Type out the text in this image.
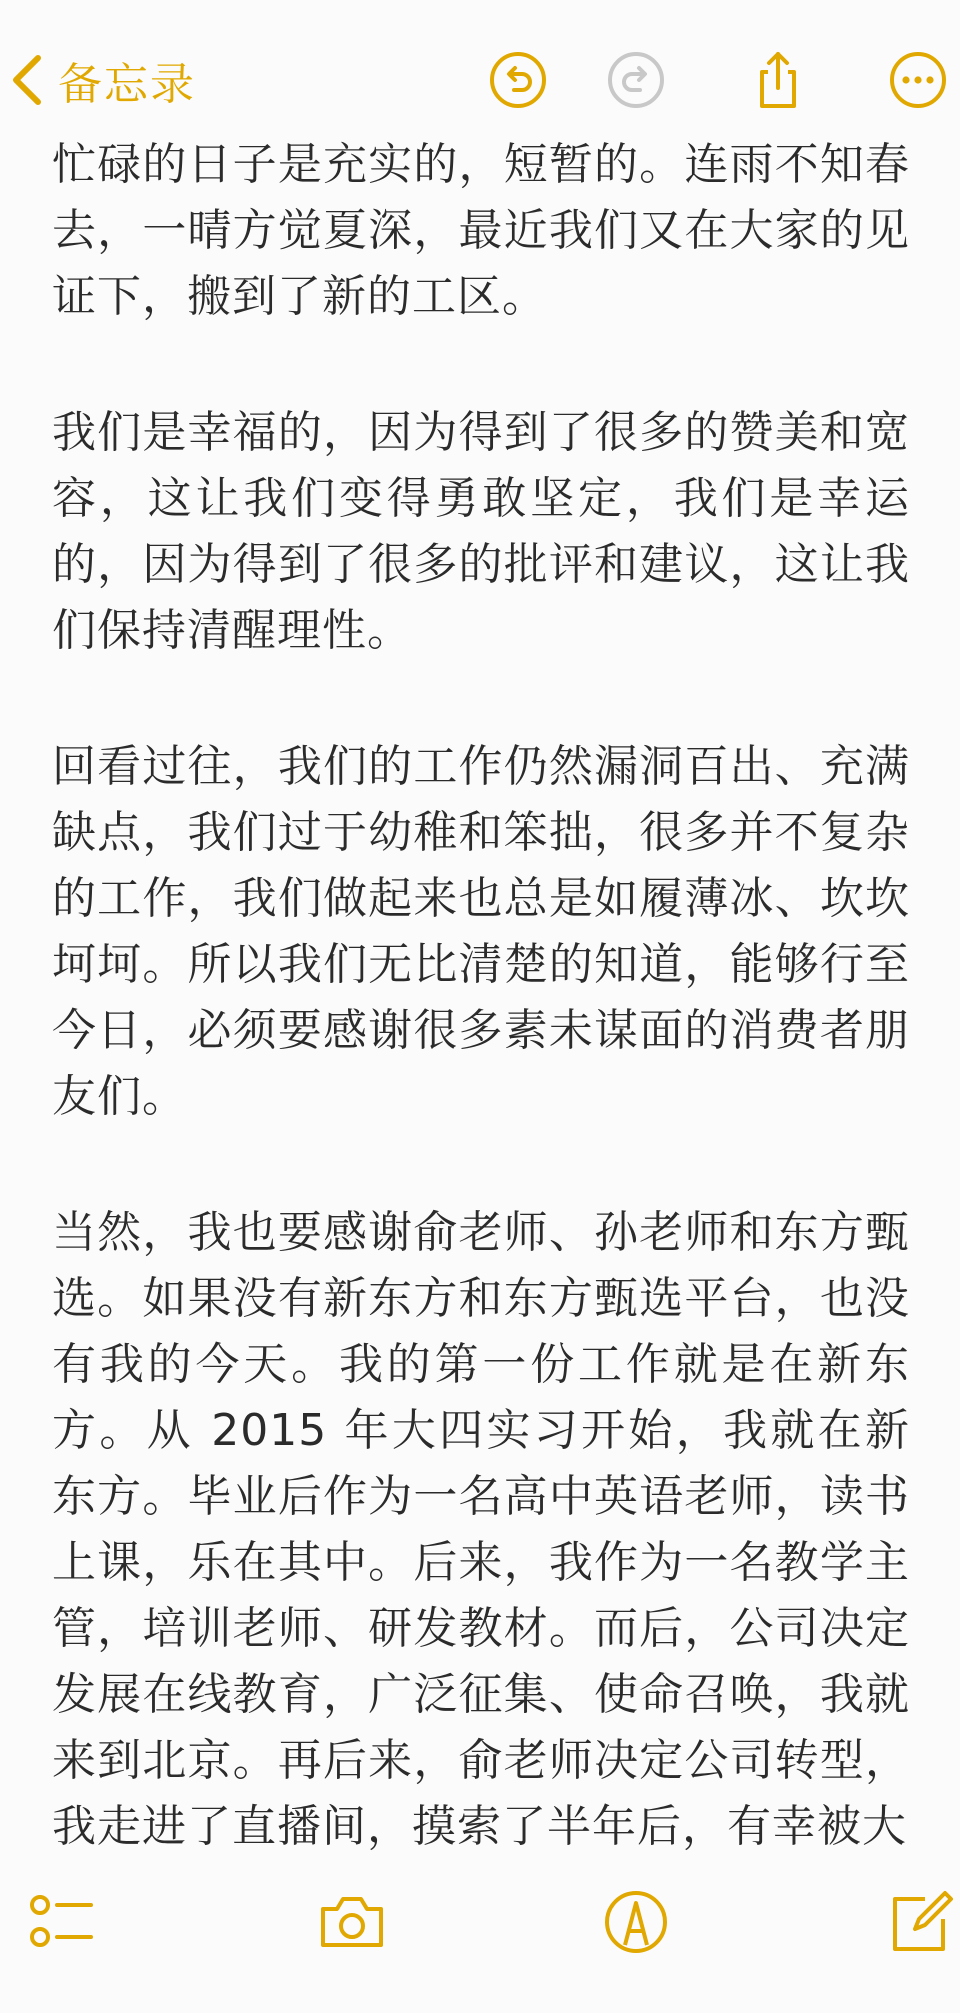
备忘录

忙碌的日子是充实的，短暂的。连雨不知春去，一晴方觉夏深，最近我们又在大家的见证下，搬到了新的工区。

我们是幸福的，因为得到了很多的赞美和宽容，这让我们变得勇敢坚定，我们是幸运的，因为得到了很多的批评和建议，这让我们保持清醒理性。

回看过往，我们的工作仍然漏洞百出、充满缺点，我们过于幼稚和笨拙，很多并不复杂的工作，我们做起来也总是如履薄冰、坎坎坷坷。所以我们无比清楚的知道，能够行至今日，必须要感谢很多素未谋面的消费者朋友们。

当然，我也要感谢俞老师、孙老师和东方甄选。如果没有新东方和东方甄选平台，也没有我的今天。我的第一份工作就是在新东方。从 2015 年大四实习开始，我就在新东方。毕业后作为一名高中英语老师，读书上课，乐在其中。后来，我作为一名教学主管，培训老师、研发教材。而后，公司决定发展在线教育，广泛征集、使命召唤，我就来到北京。再后来，俞老师决定公司转型，我走进了直播间，摸索了半年后，有幸被大
